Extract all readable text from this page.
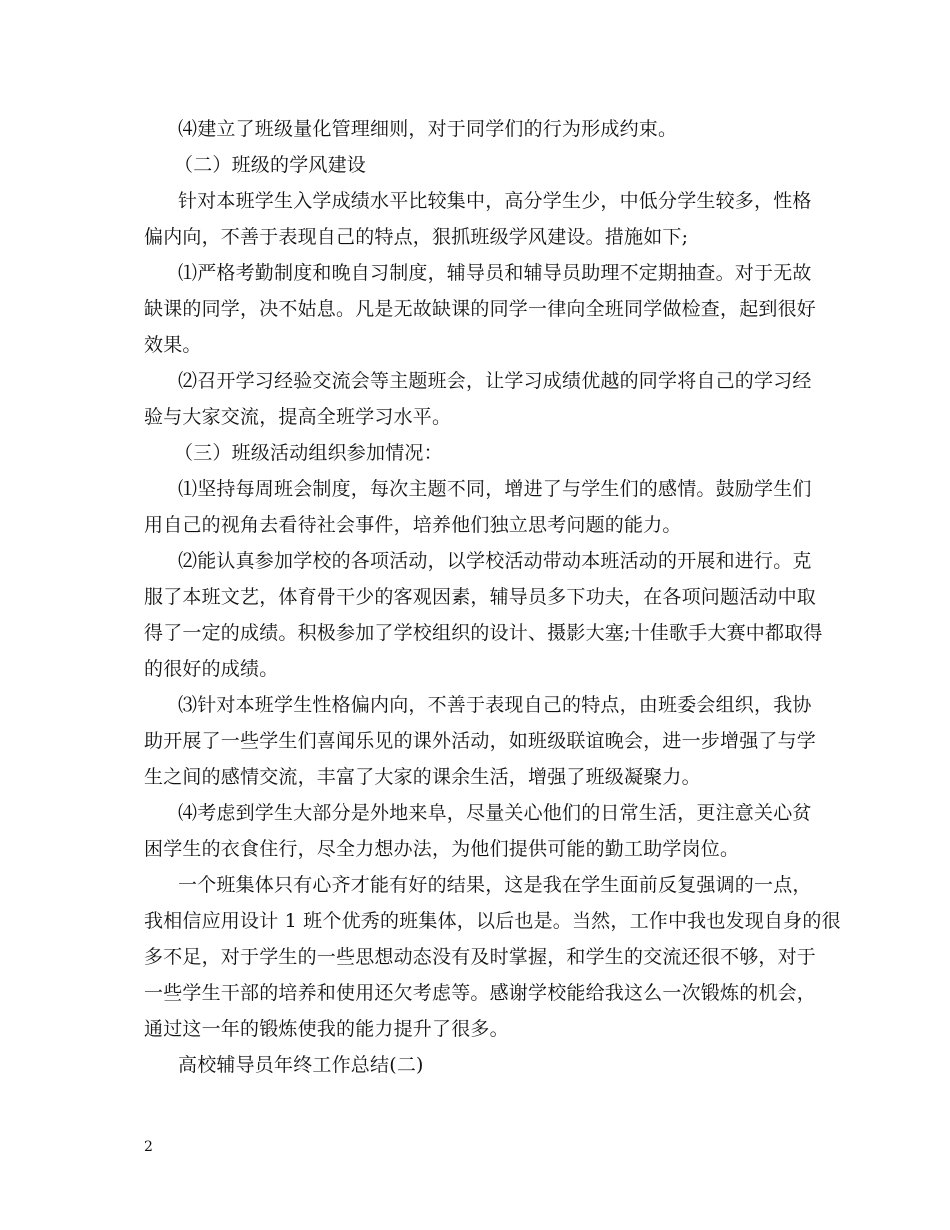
⑷建立了班级量化管理细则，对于同学们的行为形成约束。
（二）班级的学风建设
针对本班学生入学成绩水平比较集中，高分学生少，中低分学生较多，性格
偏内向，不善于表现自己的特点，狠抓班级学风建设。措施如下;
⑴严格考勤制度和晚自习制度，辅导员和辅导员助理不定期抽查。对于无故
缺课的同学，决不姑息。凡是无故缺课的同学一律向全班同学做检查，起到很好
效果。
⑵召开学习经验交流会等主题班会，让学习成绩优越的同学将自己的学习经
验与大家交流，提高全班学习水平。
（三）班级活动组织参加情况：
⑴坚持每周班会制度，每次主题不同，增进了与学生们的感情。鼓励学生们
用自己的视角去看待社会事件，培养他们独立思考问题的能力。
⑵能认真参加学校的各项活动，以学校活动带动本班活动的开展和进行。克
服了本班文艺，体育骨干少的客观因素，辅导员多下功夫，在各项问题活动中取
得了一定的成绩。积极参加了学校组织的设计、摄影大塞;十佳歌手大赛中都取得
的很好的成绩。
⑶针对本班学生性格偏内向，不善于表现自己的特点，由班委会组织，我协
助开展了一些学生们喜闻乐见的课外活动，如班级联谊晚会，进一步增强了与学
生之间的感情交流，丰富了大家的课余生活，增强了班级凝聚力。
⑷考虑到学生大部分是外地来阜，尽量关心他们的日常生活，更注意关心贫
困学生的衣食住行，尽全力想办法，为他们提供可能的勤工助学岗位。
一个班集体只有心齐才能有好的结果，这是我在学生面前反复强调的一点，
我相信应用设计 1 班个优秀的班集体，以后也是。当然，工作中我也发现自身的很
多不足，对于学生的一些思想动态没有及时掌握，和学生的交流还很不够，对于
一些学生干部的培养和使用还欠考虑等。感谢学校能给我这么一次锻炼的机会，
通过这一年的锻炼使我的能力提升了很多。
高校辅导员年终工作总结(二)
2
